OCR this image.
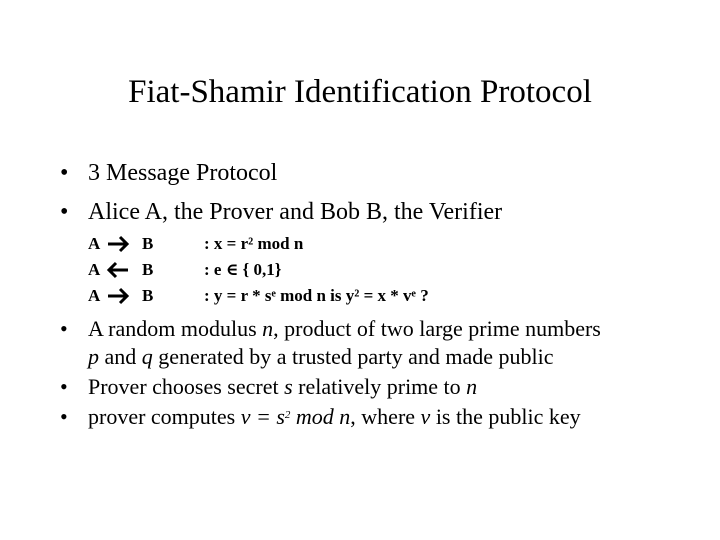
Fiat-Shamir Identification Protocol
• 3 Message Protocol
• Alice A, the Prover and Bob B, the Verifier
A B	: x = r² mod n
A B	: e ∈ { 0,1}
A B	: y = r * sᵉ mod n is y² = x * vᵉ ?
• A random modulus n, product of two large prime numbers
p and q generated by a trusted party and made public
• Prover chooses secret s relatively prime to n
• prover computes $v = s^2$ mod n, where v is the public key
